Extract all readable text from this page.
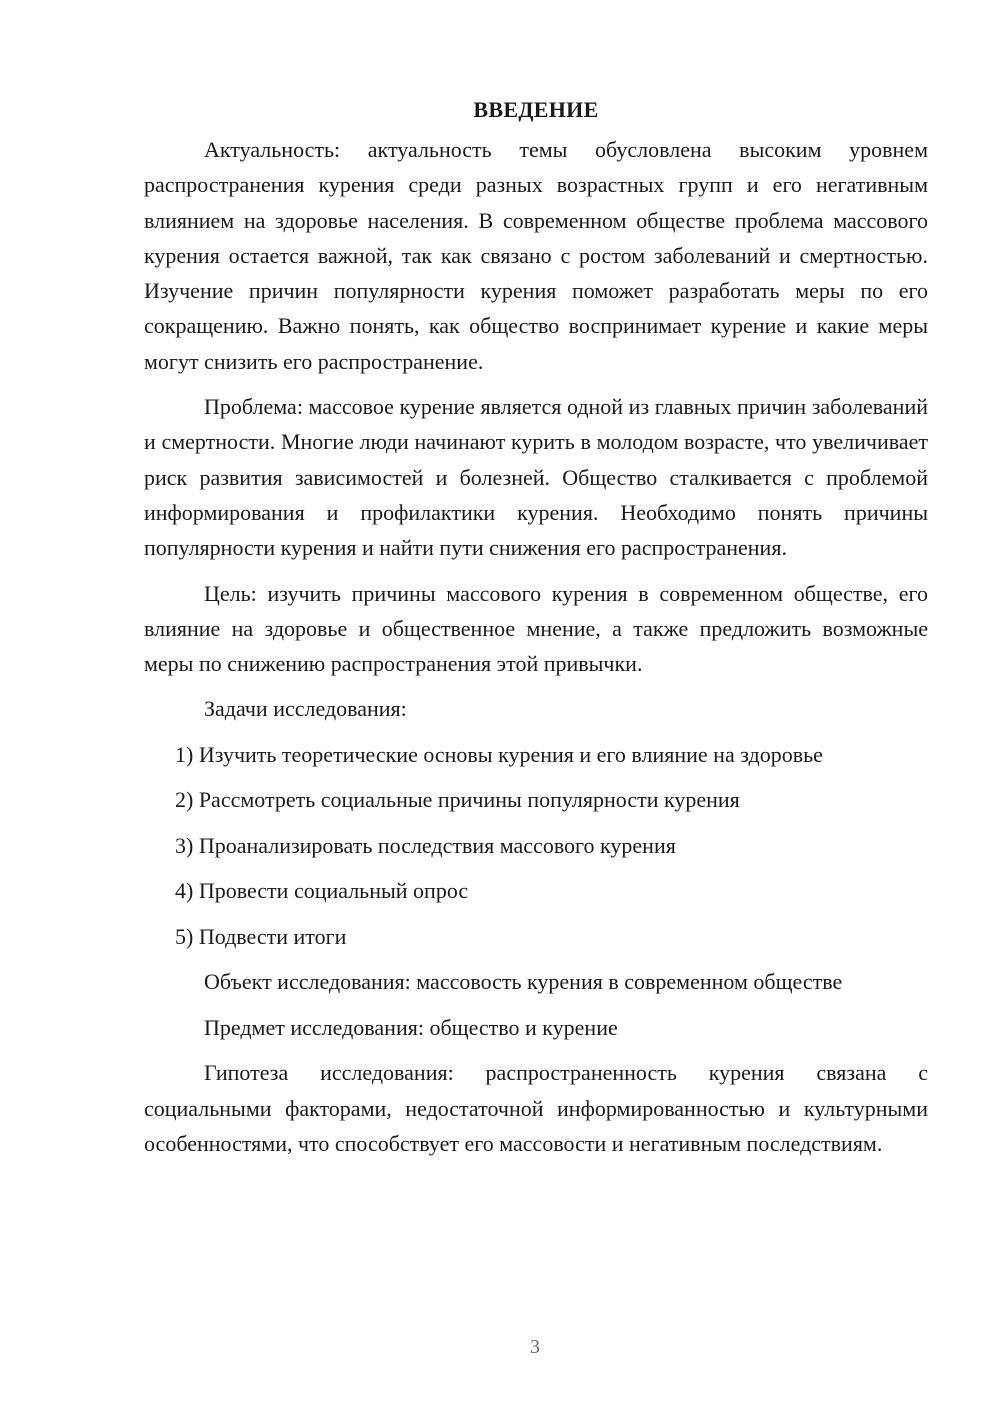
ВВЕДЕНИЕ

Актуальность: актуальность темы обусловлена высоким уровнем распространения курения среди разных возрастных групп и его негативным влиянием на здоровье населения. В современном обществе проблема массового курения остается важной, так как связано с ростом заболеваний и смертностью. Изучение причин популярности курения поможет разработать меры по его сокращению. Важно понять, как общество воспринимает курение и какие меры могут снизить его распространение.

Проблема: массовое курение является одной из главных причин заболеваний и смертности. Многие люди начинают курить в молодом возрасте, что увеличивает риск развития зависимостей и болезней. Общество сталкивается с проблемой информирования и профилактики курения. Необходимо понять причины популярности курения и найти пути снижения его распространения.

Цель: изучить причины массового курения в современном обществе, его влияние на здоровье и общественное мнение, а также предложить возможные меры по снижению распространения этой привычки.

Задачи исследования:

1) Изучить теоретические основы курения и его влияние на здоровье
2) Рассмотреть социальные причины популярности курения
3) Проанализировать последствия массового курения
4) Провести социальный опрос
5) Подвести итоги

Объект исследования: массовость курения в современном обществе

Предмет исследования: общество и курение

Гипотеза исследования: распространенность курения связана с социальными факторами, недостаточной информированностью и культурными особенностями, что способствует его массовости и негативным последствиям.

3
